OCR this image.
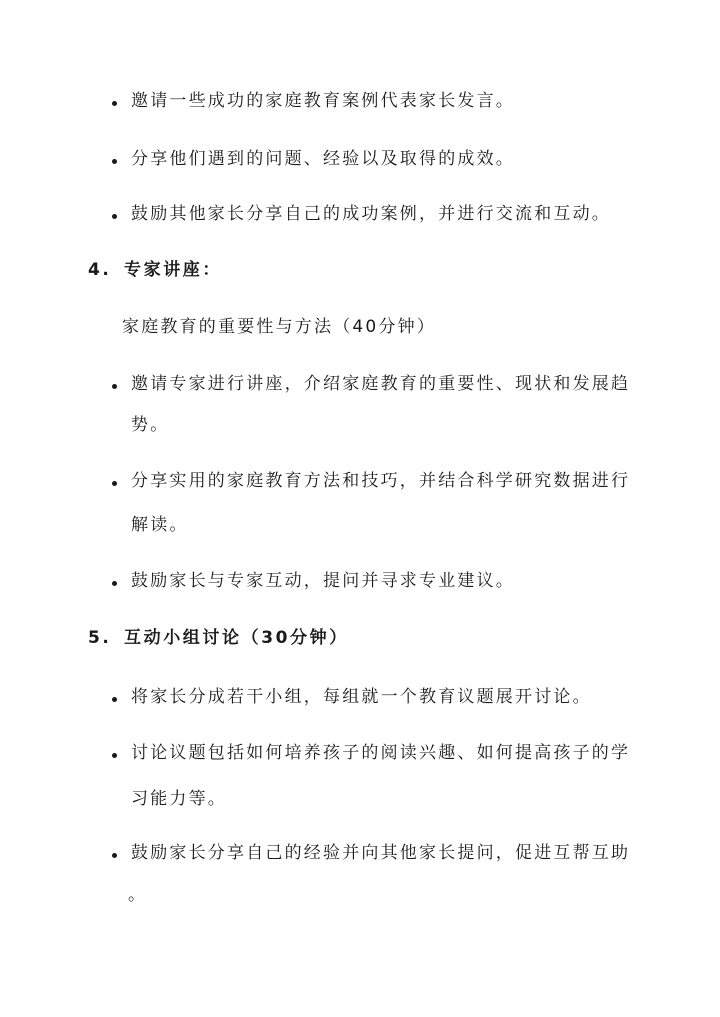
邀请一些成功的家庭教育案例代表家长发言。
分享他们遇到的问题、经验以及取得的成效。
鼓励其他家长分享自己的成功案例，并进行交流和互动。
4. 专家讲座：
家庭教育的重要性与方法（40分钟）
邀请专家进行讲座，介绍家庭教育的重要性、现状和发展趋
势。
分享实用的家庭教育方法和技巧，并结合科学研究数据进行
解读。
鼓励家长与专家互动，提问并寻求专业建议。
5. 互动小组讨论（30分钟）
将家长分成若干小组，每组就一个教育议题展开讨论。
讨论议题包括如何培养孩子的阅读兴趣、如何提高孩子的学
习能力等。
鼓励家长分享自己的经验并向其他家长提问，促进互帮互助
。
